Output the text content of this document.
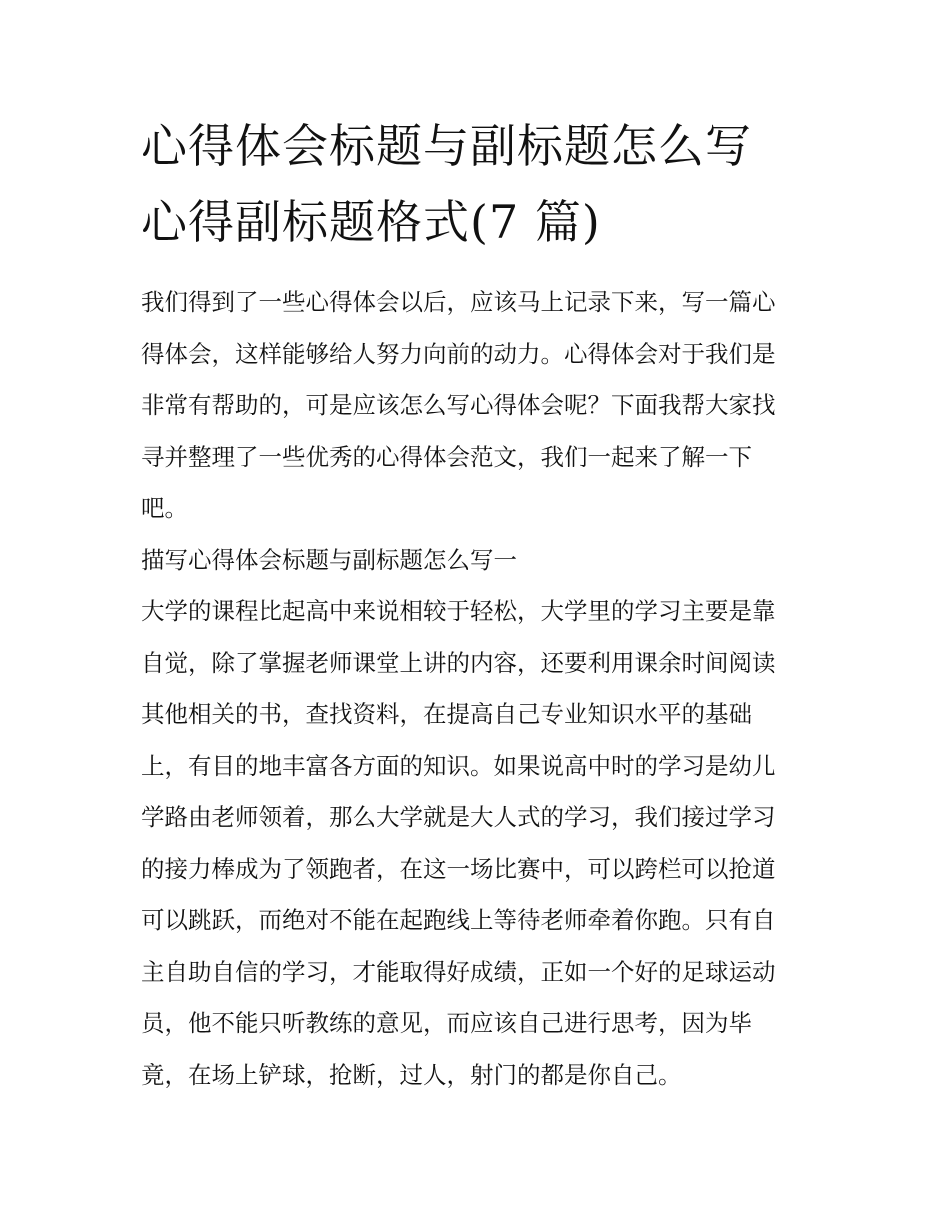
心得体会标题与副标题怎么写
心得副标题格式(7 篇)

我们得到了一些心得体会以后，应该马上记录下来，写一篇心
得体会，这样能够给人努力向前的动力。心得体会对于我们是
非常有帮助的，可是应该怎么写心得体会呢？下面我帮大家找
寻并整理了一些优秀的心得体会范文，我们一起来了解一下
吧。

描写心得体会标题与副标题怎么写一

大学的课程比起高中来说相较于轻松，大学里的学习主要是靠
自觉，除了掌握老师课堂上讲的内容，还要利用课余时间阅读
其他相关的书，查找资料，在提高自己专业知识水平的基础
上，有目的地丰富各方面的知识。如果说高中时的学习是幼儿
学路由老师领着，那么大学就是大人式的学习，我们接过学习
的接力棒成为了领跑者，在这一场比赛中，可以跨栏可以抢道
可以跳跃，而绝对不能在起跑线上等待老师牵着你跑。只有自
主自助自信的学习，才能取得好成绩，正如一个好的足球运动
员，他不能只听教练的意见，而应该自己进行思考，因为毕
竟，在场上铲球，抢断，过人，射门的都是你自己。
